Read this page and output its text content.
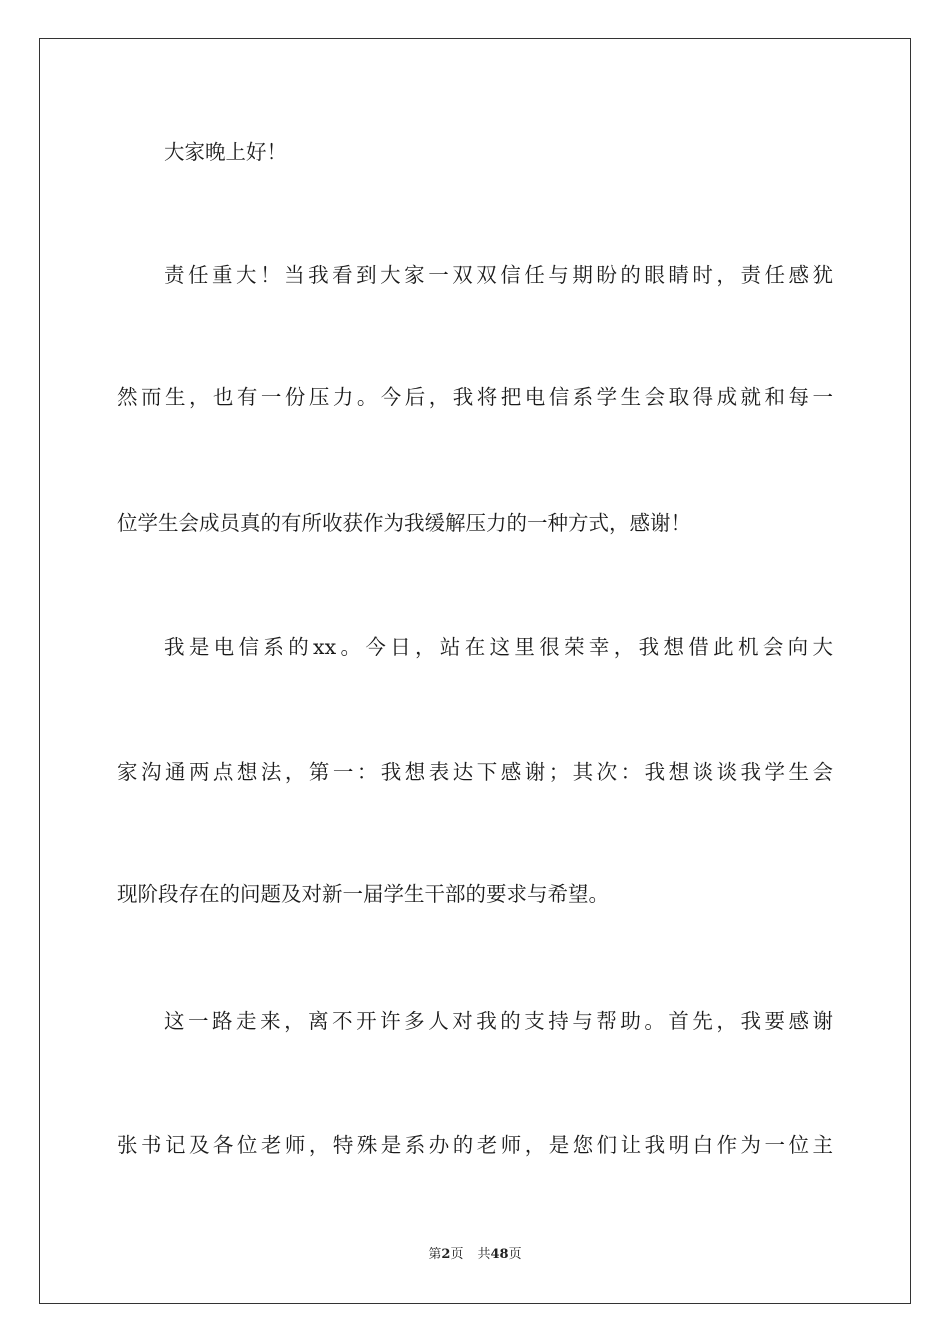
大家晚上好！
责任重大！当我看到大家一双双信任与期盼的眼睛时，责任感犹
然而生，也有一份压力。今后，我将把电信系学生会取得成就和每一
位学生会成员真的有所收获作为我缓解压力的一种方式，感谢！
我是电信系的xx。今日，站在这里很荣幸，我想借此机会向大
家沟通两点想法，第一：我想表达下感谢；其次：我想谈谈我学生会
现阶段存在的问题及对新一届学生干部的要求与希望。
这一路走来，离不开许多人对我的支持与帮助。首先，我要感谢
张书记及各位老师，特殊是系办的老师，是您们让我明白作为一位主
第2页 共48页
